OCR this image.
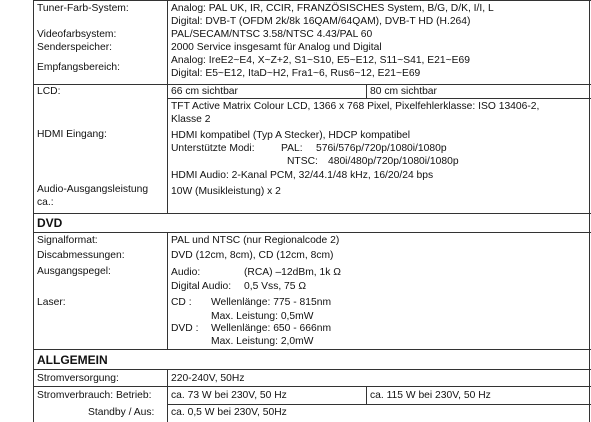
Tuner-Farb-System:	Analog: PAL UK, IR, CCIR, FRANZÖSISCHES System, B/G, D/K, I/I, L
Digital: DVB-T (OFDM 2k/8k 16QAM/64QAM), DVB-T HD (H.264)
Videofarbsystem:	PAL/SECAM/NTSC 3.58/NTSC 4.43/PAL 60
Senderspeicher:	2000 Service insgesamt für Analog und Digital
Empfangsbereich:
Analog: IreE2~E4, X~Z+2, S1~S10, E5~E12, S11~S41, E21~E69
Digital: E5~E12, ItaD~H2, Fra1~6, Rus6~12, E21~E69
LCD:	66 cm sichtbar	80 cm sichtbar
TFT Active Matrix Colour LCD, 1366 x 768 Pixel, Pixelfehlerklasse: ISO 13406-2,
Klasse 2
HDMI Eingang:	HDMI kompatibel (Typ A Stecker), HDCP kompatibel
Unterstützte Modi:	PAL: 576i/576p/720p/1080i/1080p
NTSC: 480i/480p/720p/1080i/1080p
HDMI Audio: 2-Kanal PCM, 32/44.1/48 kHz, 16/20/24 bps
Audio-Ausgangsleistung
ca.:
10W (Musikleistung) x 2
DVD
Signalformat:	PAL und NTSC (nur Regionalcode 2)
Discabmessungen:	DVD (12cm, 8cm), CD (12cm, 8cm)
Ausgangspegel:	Audio:	(RCA) –12dBm, 1k Ω
Digital Audio: 0,5 Vss, 75 Ω
Laser:	CD : Wellenlänge: 775 - 815nm
Max. Leistung: 0,5mW
DVD : Wellenlänge: 650 - 666nm
Max. Leistung: 2,0mW
ALLGEMEIN
Stromversorgung:	220-240V, 50Hz
Stromverbrauch: Betrieb: ca. 73 W bei 230V, 50 Hz	ca. 115 W bei 230V, 50 Hz
Standby / Aus: ca. 0,5 W bei 230V, 50Hz
